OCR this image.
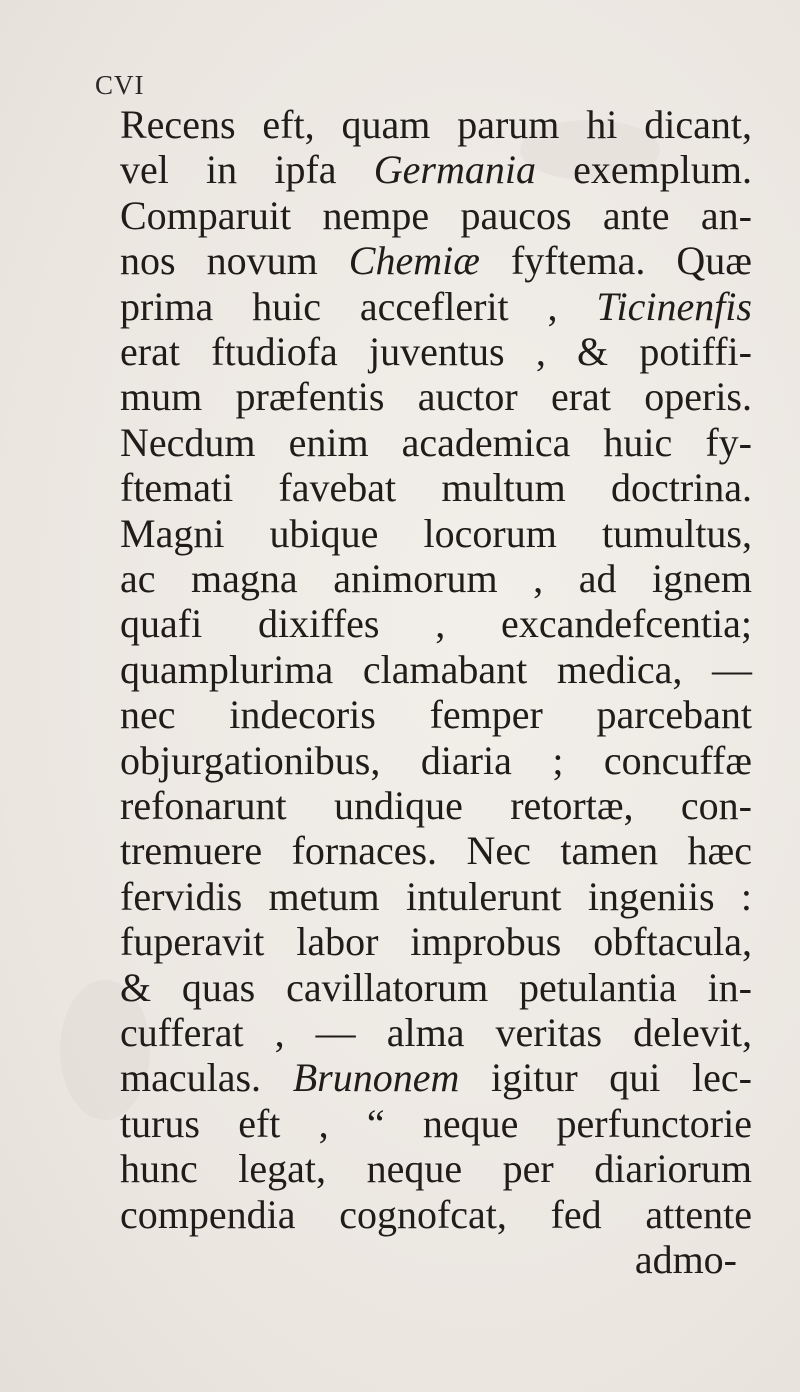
CVI
Recens eft, quam parum hi dicant,
vel in ipfa Germania exemplum.
Comparuit nempe paucos ante an-
nos novum Chemiæ fyftema. Quæ
prima huic acceflerit , Ticinenfis
erat ftudiofa juventus , & potiffi-
mum præfentis auctor erat operis.
Necdum enim academica huic fy-
ftemati favebat multum doctrina.
Magni ubique locorum tumultus,
ac magna animorum , ad ignem
quafi dixiffes , excandefcentia;
quamplurima clamabant medica, —
nec indecoris femper parcebant
objurgationibus, diaria ; concuffæ
refonarunt undique retortæ, con-
tremuere fornaces. Nec tamen hæc
fervidis metum intulerunt ingeniis :
fuperavit labor improbus obftacula,
& quas cavillatorum petulantia in-
cufferat , — alma veritas delevit,
maculas. Brunonem igitur qui lec-
turus eft , “ neque perfunctorie
hunc legat, neque per diariorum
compendia cognofcat, fed attente
admo-
